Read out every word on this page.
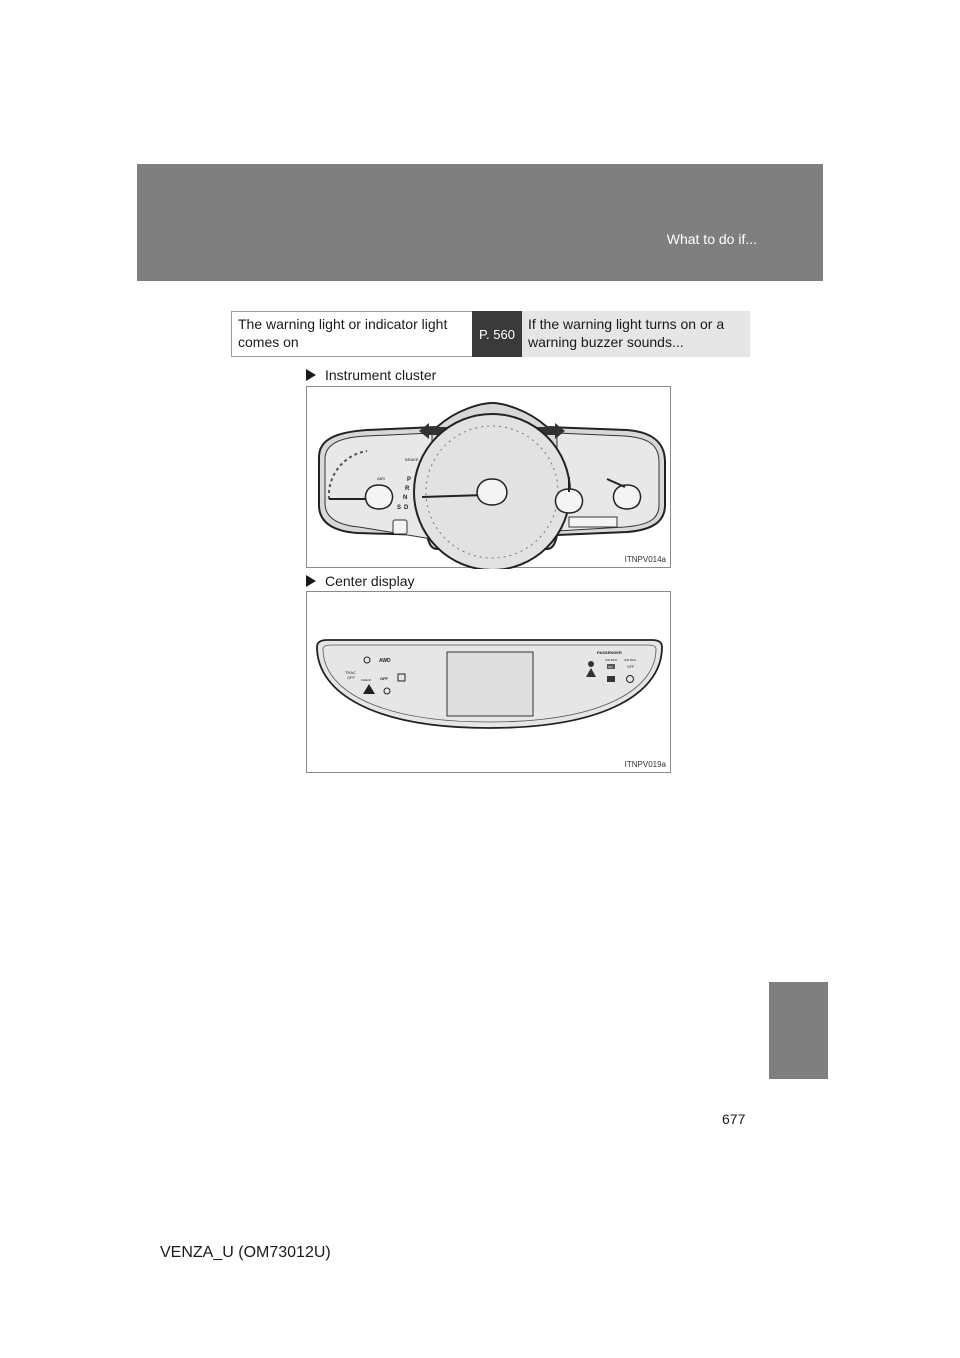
What to do if...
The warning light or indicator light comes on	P. 560
If the warning light turns on or a warning buzzer sounds...
Instrument cluster
BRAKE
ABS	P
R
N
S D
ITNPV014a
Center display
TRAC
OFF CHECK
AWD
OFF
PASSENGER
AIR BAG
ON
AIR BAG
OFF
ITNPV019a
677
VENZA_U (OM73012U)
